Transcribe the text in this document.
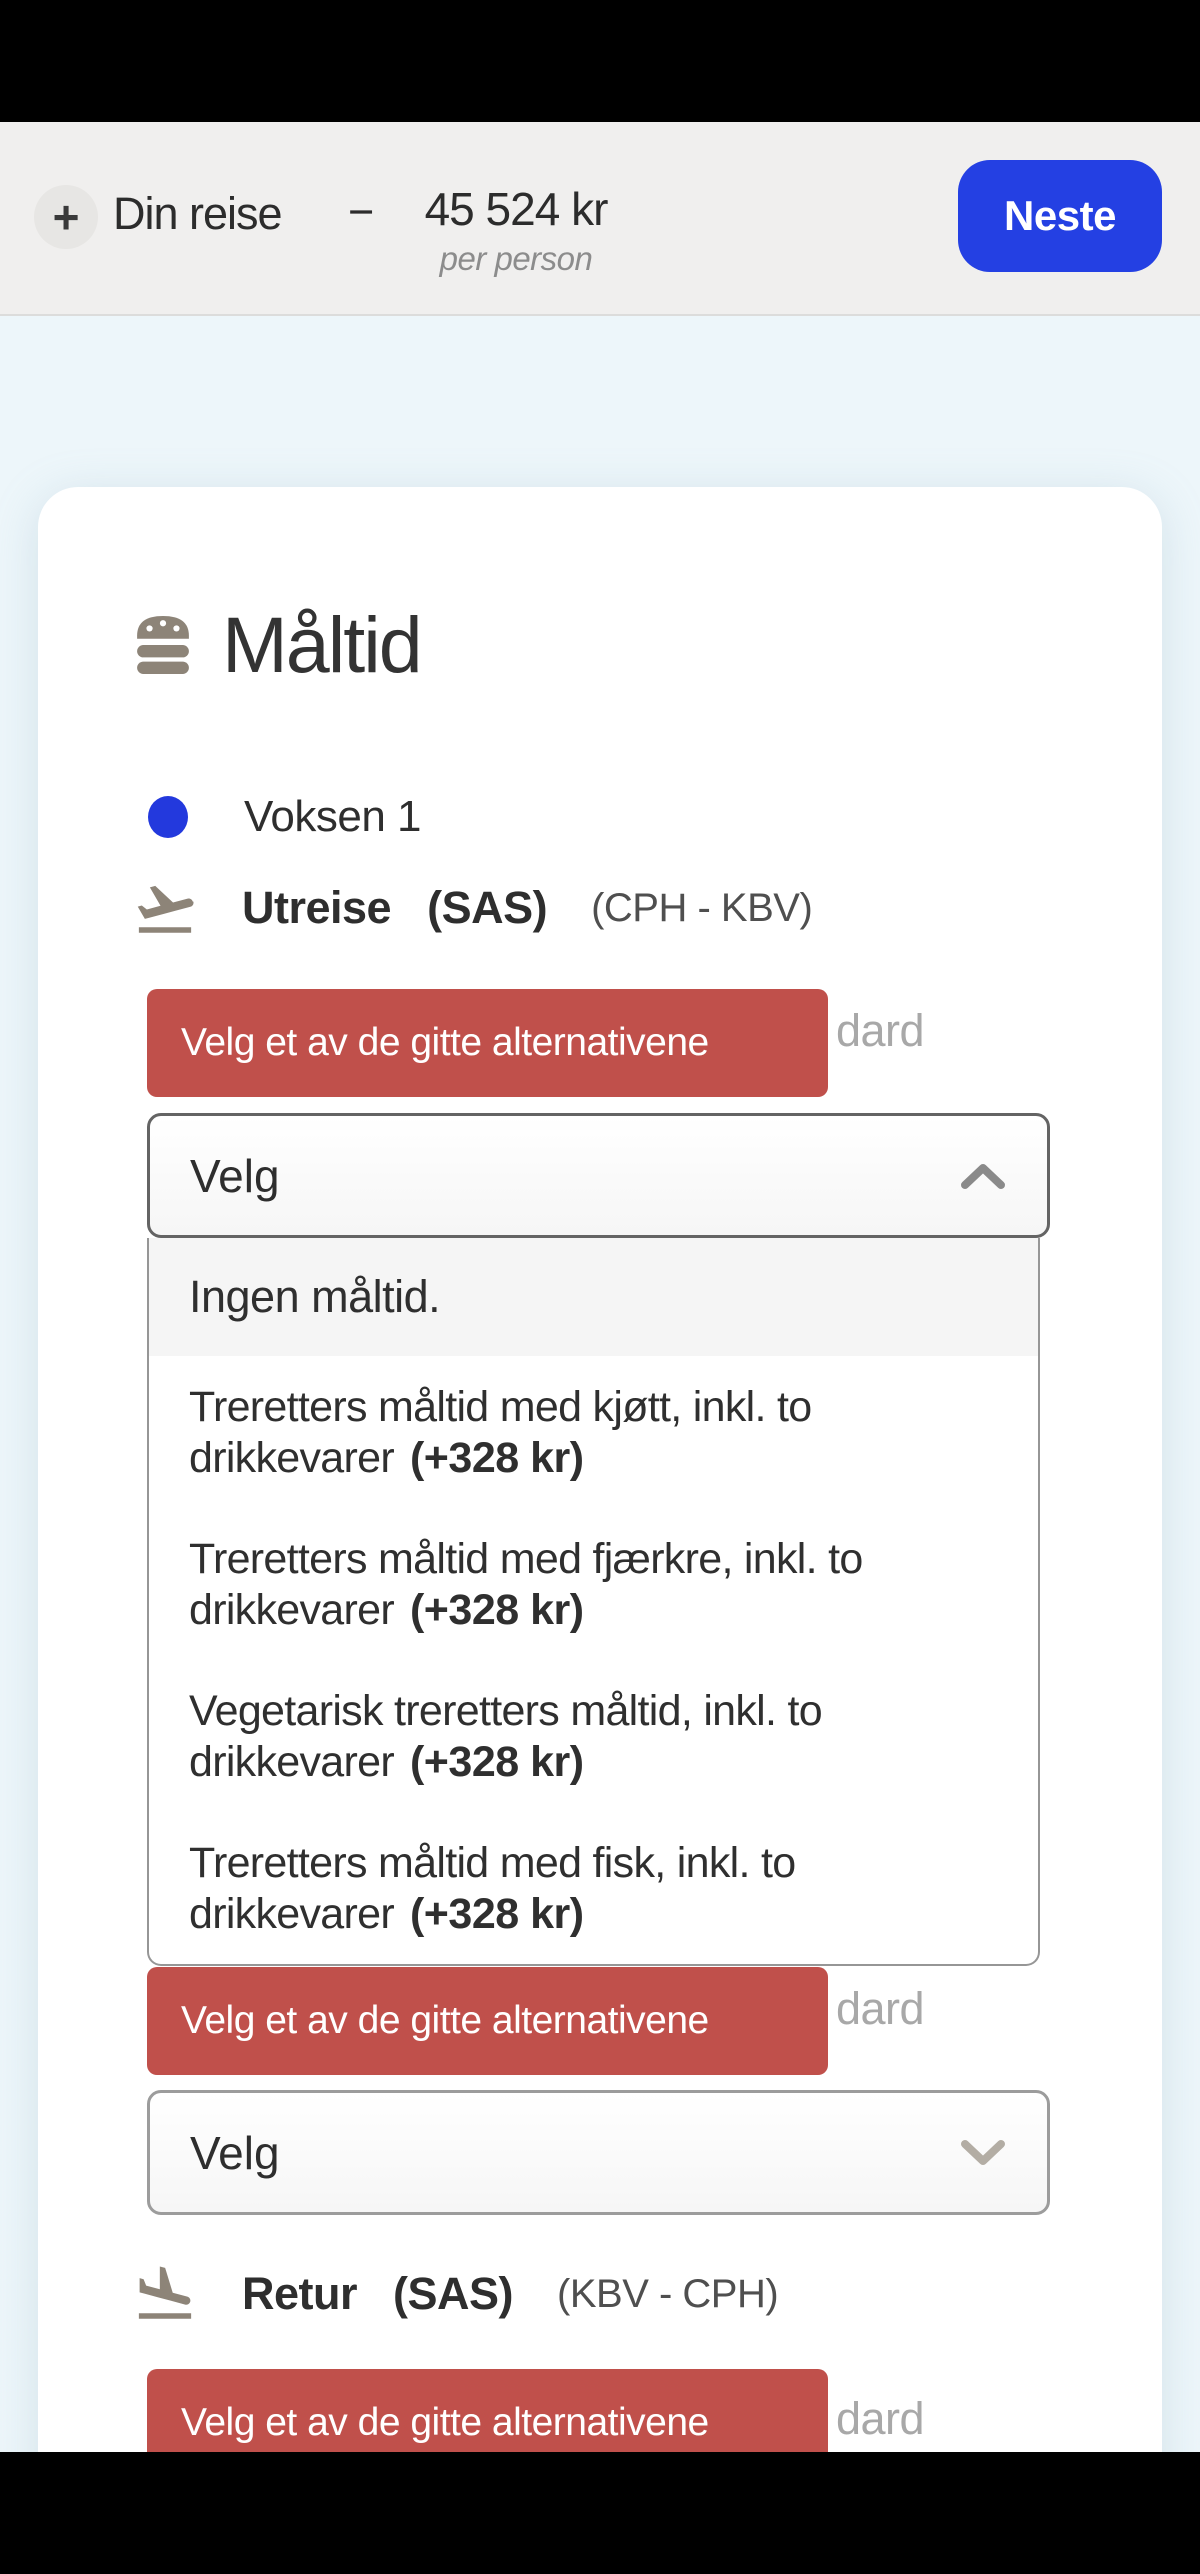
+ Din reise −	45 524 kr
per person
Neste
Måltid
Voksen 1
Utreise (SAS) (CPH - KBV)
Velg et av de gitte alternativene	dard
Velg
Ingen måltid.
Treretters måltid med kjøtt, inkl. to
drikkevarer (+328 kr)
Treretters måltid med fjærkre, inkl. to
drikkevarer (+328 kr)
Vegetarisk treretters måltid, inkl. to
drikkevarer (+328 kr)
Treretters måltid med fisk, inkl. to
drikkevarer (+328 kr)
Velg et av de gitte alternativene	dard
Velg
Retur (SAS) (KBV - CPH)
Velg et av de gitte alternativene	dard
